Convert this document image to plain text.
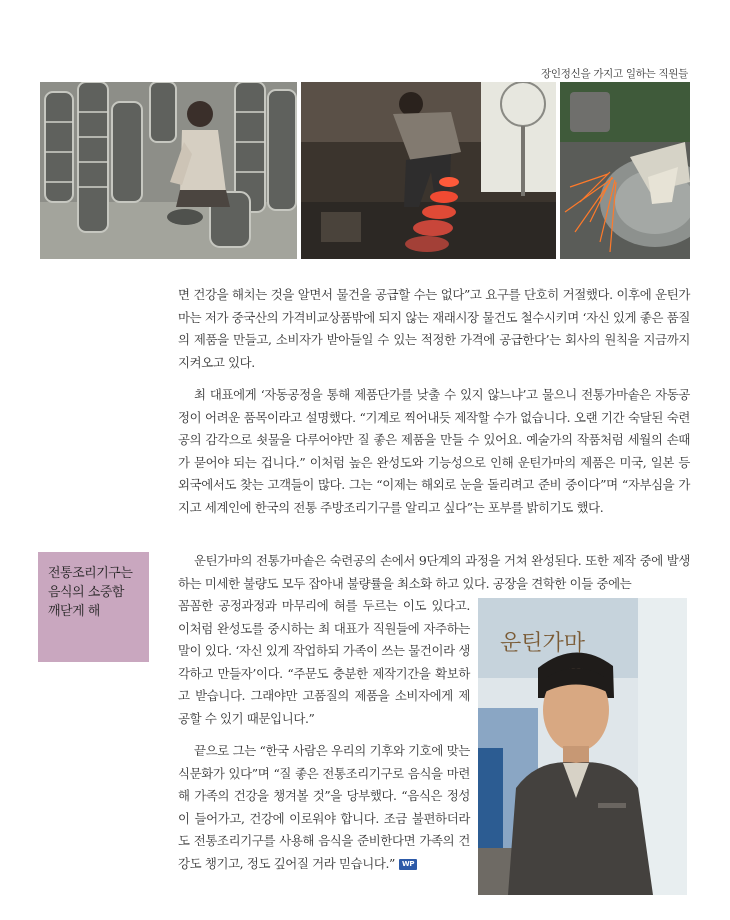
장인정신을 가지고 일하는 직원들

면 건강을 해치는 것을 알면서 물건을 공급할 수는 없다”고 요구를 단호히 거절했다. 이후에 운틴가마는 저가 중국산의 가격비교상품밖에 되지 않는 재래시장 물건도 철수시키며 ‘자신 있게 좋은 품질의 제품을 만들고, 소비자가 받아들일 수 있는 적정한 가격에 공급한다’는 회사의 원칙을 지금까지 지켜오고 있다.

최 대표에게 ‘자동공정을 통해 제품단가를 낮출 수 있지 않느냐’고 물으니 전통가마솥은 자동공정이 어려운 품목이라고 설명했다. “기계로 찍어내듯 제작할 수가 없습니다. 오랜 기간 숙달된 숙련공의 감각으로 쇳물을 다루어야만 질 좋은 제품을 만들 수 있어요. 예술가의 작품처럼 세월의 손때가 묻어야 되는 겁니다.” 이처럼 높은 완성도와 기능성으로 인해 운틴가마의 제품은 미국, 일본 등 외국에서도 찾는 고객들이 많다. 그는 “이제는 해외로 눈을 돌리려고 준비 중이다”며 “자부심을 가지고 세계인에 한국의 전통 주방조리기구를 알리고 싶다”는 포부를 밝히기도 했다.

운틴가마의 전통가마솥은 숙련공의 손에서 9단계의 과정을 거쳐 완성된다. 또한 제작 중에 발생하는 미세한 불량도 모두 잡아내 불량률을 최소화 하고 있다. 공장을 견학한 이들 중에는

꼼꼼한 공정과정과 마무리에 혀를 두르는 이도 있다고. 이처럼 완성도를 중시하는 최 대표가 직원들에 자주하는 말이 있다. ‘자신 있게 작업하되 가족이 쓰는 물건이라 생각하고 만들자’이다. “주문도 충분한 제작기간을 확보하고 받습니다. 그래야만 고품질의 제품을 소비자에게 제공할 수 있기 때문입니다.”

끝으로 그는 “한국 사람은 우리의 기후와 기호에 맞는 식문화가 있다”며 “질 좋은 전통조리기구로 음식을 마련해 가족의 건강을 챙겨볼 것”을 당부했다. “음식은 정성이 들어가고, 건강에 이로워야 합니다. 조금 불편하더라도 전통조리기구를 사용해 음식을 준비한다면 가족의 건강도 챙기고, 정도 깊어질 거라 믿습니다.” WP

전통조리기구는 음식의 소중함 깨닫게 해
운틴가마
